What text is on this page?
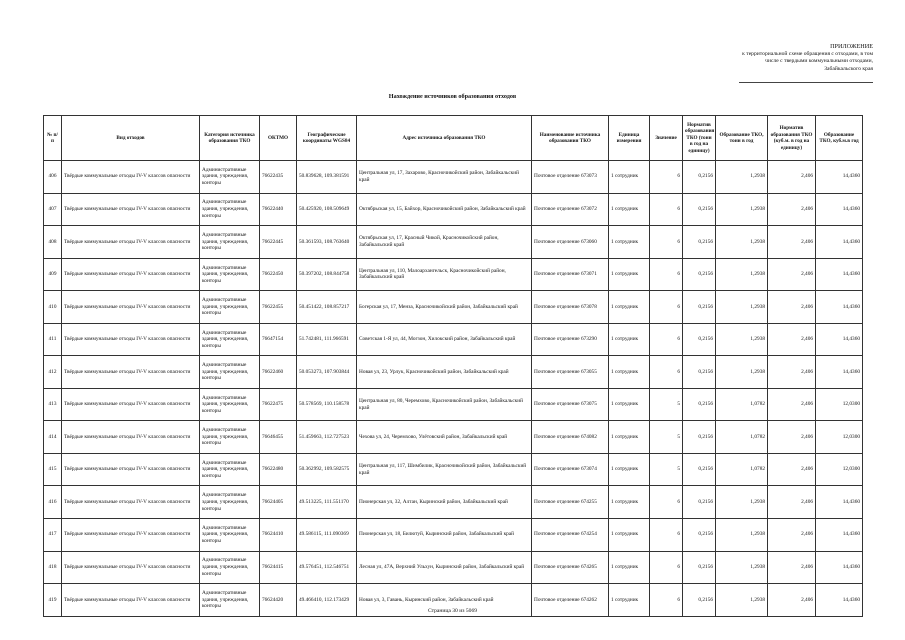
ПРИЛОЖЕНИЕ
к территориальной схеме обращения с отходами, в том
числе с твердыми коммунальными отходами,
Забайкальского края
Нахождение источников образования отходов
№ п/п	Вид отходов	Категория источника образования ТКО	ОКТМО	Географические координаты WGS84	Адрес источника образования ТКО	Наименование источника образования ТКО	Единица измерения	Значение	Норматив образования ТКО (тонн в год на единицу)	Образование ТКО, тонн в год	Норматив образования ТКО (куб.м. в год на единицу)	Образование ТКО, куб.м.в год
406	Твёрдые коммунальные отходы IV-V классов опасности	Административные здания, учреждения, конторы	76622435	50.839628, 109.381591	Центральная ул, 17, Захарово, Красночикойский район, Забайкальский край	Почтовое отделение 673073	1 сотрудник	6	0,2156	1,2938	2,406	14,4360
407	Твёрдые коммунальные отходы IV-V классов опасности	Административные здания, учреждения, конторы	76622440	50.425920, 108.509649	Октябрьская ул, 15, Байхор, Красночикойский район, Забайкальский край	Почтовое отделение 673072	1 сотрудник	6	0,2156	1,2938	2,406	14,4360
408	Твёрдые коммунальные отходы IV-V классов опасности	Административные здания, учреждения, конторы	76622445	50.361593, 108.763640	Октябрьская ул, 17, Красный Чикой, Красночикойский район, Забайкальский край	Почтовое отделение 673060	1 сотрудник	6	0,2156	1,2938	2,406	14,4360
409	Твёрдые коммунальные отходы IV-V классов опасности	Административные здания, учреждения, конторы	76622450	50.397202, 108.844758	Центральная ул, 110, Малоархангельск, Красночикойский район, Забайкальский край	Почтовое отделение 673071	1 сотрудник	6	0,2156	1,2938	2,406	14,4360
410	Твёрдые коммунальные отходы IV-V классов опасности	Административные здания, учреждения, конторы	76622455	50.451422, 108.857217	Богерская ул, 17, Менза, Красночикойский район, Забайкальский край	Почтовое отделение 673078	1 сотрудник	6	0,2156	1,2938	2,406	14,4360
411	Твёрдые коммунальные отходы IV-V классов опасности	Административные здания, учреждения, конторы	76647154	51.742481, 111.966591	Советская 1-Я ул, 44, Могзон, Хилокский район, Забайкальский край	Почтовое отделение 673290	1 сотрудник	6	0,2156	1,2938	2,406	14,4360
412	Твёрдые коммунальные отходы IV-V классов опасности	Административные здания, учреждения, конторы	76622460	50.053273, 107.903844	Новая ул, 23, Урлук, Красночикойский район, Забайкальский край	Почтовое отделение 673055	1 сотрудник	6	0,2156	1,2938	2,406	14,4360
413	Твёрдые коммунальные отходы IV-V классов опасности	Административные здания, учреждения, конторы	76622475	50.578569, 110.158578	Центральная ул, 80, Черемхово, Красночикойский район, Забайкальский край	Почтовое отделение 673075	1 сотрудник	5	0,2156	1,0782	2,406	12,0300
414	Твёрдые коммунальные отходы IV-V классов опасности	Административные здания, учреждения, конторы	76646455	51.459663, 112.727523	Чехова ул, 24, Черемхово, Улётовский район, Забайкальский край	Почтовое отделение 674082	1 сотрудник	5	0,2156	1,0782	2,406	12,0300
415	Твёрдые коммунальные отходы IV-V классов опасности	Административные здания, учреждения, конторы	76622480	50.362992, 109.582575	Центральная ул, 117, Шимбилик, Красночикойский район, Забайкальский край	Почтовое отделение 673074	1 сотрудник	5	0,2156	1,0782	2,406	12,0300
416	Твёрдые коммунальные отходы IV-V классов опасности	Административные здания, учреждения, конторы	76624405	49.513225, 111.551170	Пионерская ул, 32, Алтан, Кыринский район, Забайкальский край	Почтовое отделение 674255	1 сотрудник	6	0,2156	1,2938	2,406	14,4360
417	Твёрдые коммунальные отходы IV-V классов опасности	Административные здания, учреждения, конторы	76624410	49.586115, 111.090369	Пионерская ул, 18, Билютуй, Кыринский район, Забайкальский край	Почтовое отделение 674254	1 сотрудник	6	0,2156	1,2938	2,406	14,4360
418	Твёрдые коммунальные отходы IV-V классов опасности	Административные здания, учреждения, конторы	76624415	49.576451, 112.546751	Лесная ул, 47А, Верхний Ульхун, Кыринский район, Забайкальский край	Почтовое отделение 674265	1 сотрудник	6	0,2156	1,2938	2,406	14,4360
419	Твёрдые коммунальные отходы IV-V классов опасности	Административные здания, учреждения, конторы	76624420	49.466410, 112.173429	Новая ул, 3, Гавань, Кыринский район, Забайкальский край	Почтовое отделение 674262	1 сотрудник	6	0,2156	1,2938	2,406	14,4360
Страница 30 из 5069
